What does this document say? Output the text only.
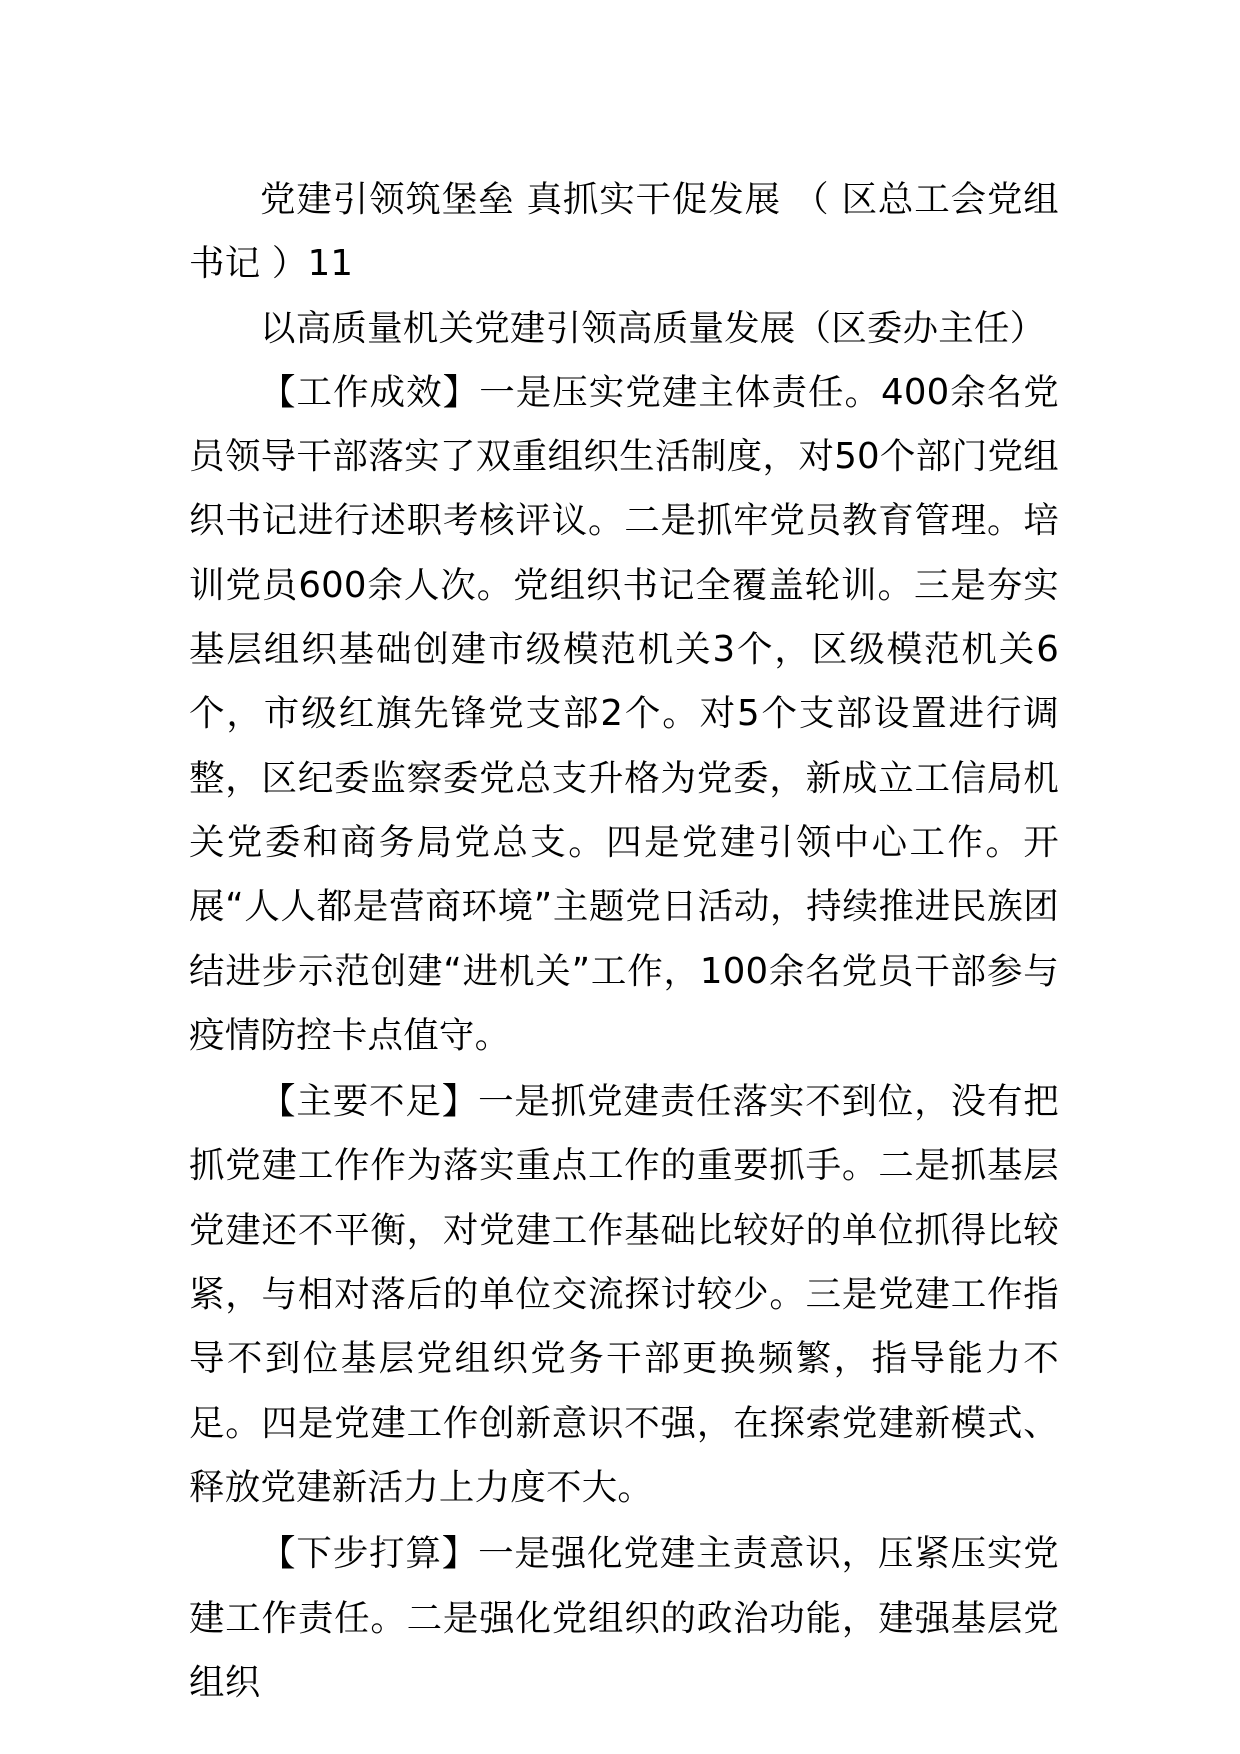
党建引领筑堡垒 真抓实干促发展 （ 区总工会党组书记 ）11

以高质量机关党建引领高质量发展（区委办主任）

【工作成效】一是压实党建主体责任。400余名党员领导干部落实了双重组织生活制度，对50个部门党组织书记进行述职考核评议。二是抓牢党员教育管理。培训党员600余人次。党组织书记全覆盖轮训。三是夯实基层组织基础创建市级模范机关3个，区级模范机关6个，市级红旗先锋党支部2个。对5个支部设置进行调整，区纪委监察委党总支升格为党委，新成立工信局机关党委和商务局党总支。四是党建引领中心工作。开展“人人都是营商环境”主题党日活动，持续推进民族团结进步示范创建“进机关”工作，100余名党员干部参与疫情防控卡点值守。

【主要不足】一是抓党建责任落实不到位，没有把抓党建工作作为落实重点工作的重要抓手。二是抓基层党建还不平衡，对党建工作基础比较好的单位抓得比较紧，与相对落后的单位交流探讨较少。三是党建工作指导不到位基层党组织党务干部更换频繁，指导能力不足。四是党建工作创新意识不强，在探索党建新模式、释放党建新活力上力度不大。

【下步打算】一是强化党建主责意识，压紧压实党建工作责任。二是强化党组织的政治功能，建强基层党组织
